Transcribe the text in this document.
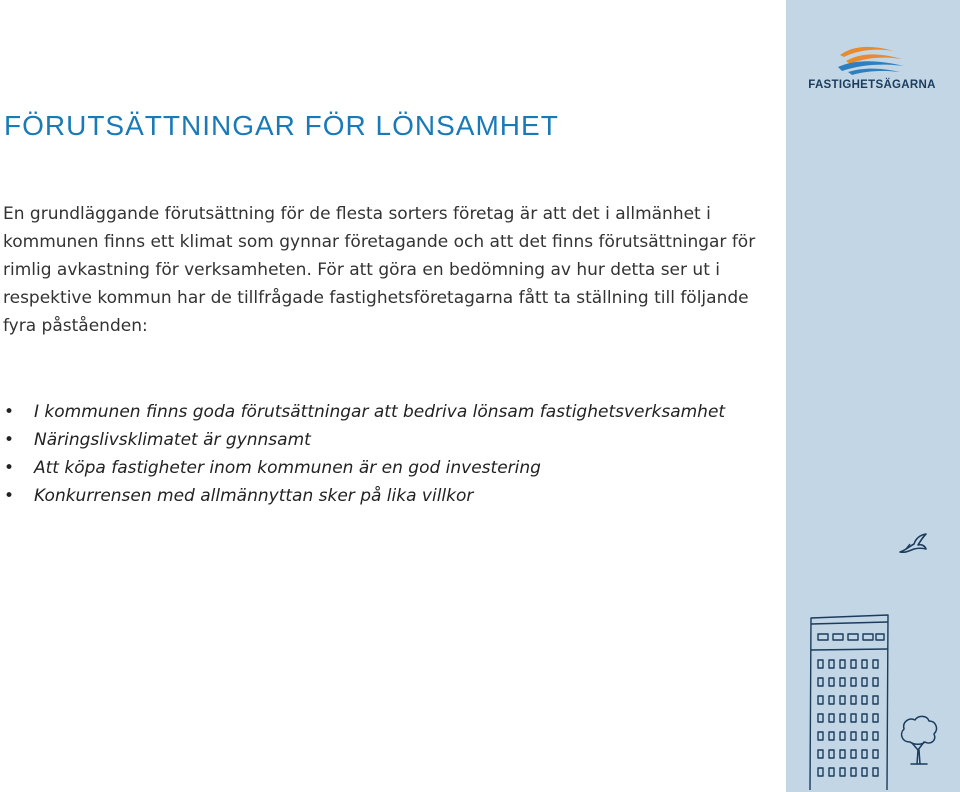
FÖRUTSÄTTNINGAR FÖR LÖNSAMHET

En grundläggande förutsättning för de flesta sorters företag är att det i allmänhet i kommunen finns ett klimat som gynnar företagande och att det finns förutsättningar för rimlig avkastning för verksamheten. För att göra en bedömning av hur detta ser ut i respektive kommun har de tillfrågade fastighetsföretagarna fått ta ställning till följande fyra påståenden:

• I kommunen finns goda förutsättningar att bedriva lönsam fastighetsverksamhet
• Näringslivsklimatet är gynnsamt
• Att köpa fastigheter inom kommunen är en god investering
• Konkurrensen med allmännyttan sker på lika villkor
FASTIGHETSÄGARNA
